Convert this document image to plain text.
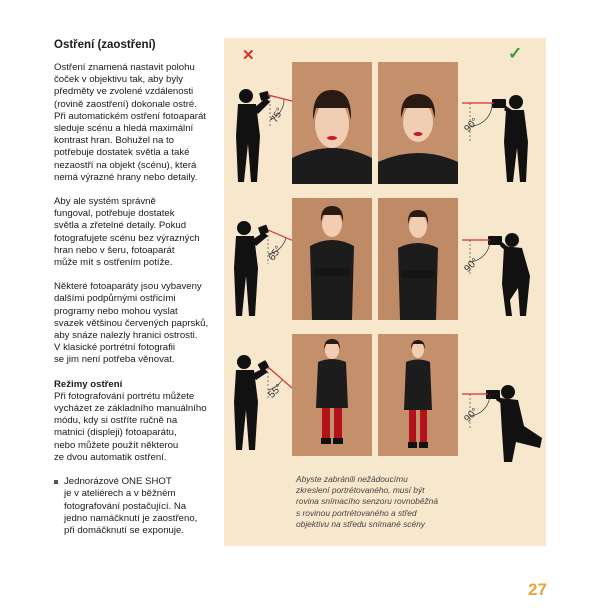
Ostření (zaostření)
Ostření znamená nastavit polohu
čoček v objektivu tak, aby byly
předměty ve zvolené vzdálenosti
(rovině zaostření) dokonale ostré.
Při automatickém ostření fotoaparát
sleduje scénu a hledá maximální
kontrast hran. Bohužel na to
potřebuje dostatek světla a také
nezaostří na objekt (scénu), která
nemá výrazné hrany nebo detaily.
Aby ale systém správně
fungoval, potřebuje dostatek
světla a zřetelné detaily. Pokud
fotografujete scénu bez výrazných
hran nebo v šeru, fotoaparát
může mít s ostřením potíže.
Některé fotoaparáty jsou vybaveny
dalšími podpůrnými ostřicími
programy nebo mohou vyslat
svazek většinou červených paprsků,
aby snáze nalezly hranici ostrosti.
V klasické portrétní fotografii
se jim není potřeba věnovat.
Režimy ostření
Při fotografování portrétu můžete
vycházet ze základního manuálního
módu, kdy si ostříte ručně na
matnici (displeji) fotoaparátu,
nebo můžete použít některou
ze dvou automatik ostření.
Jednorázové ONE SHOT
je v ateliérech a v běžném
fotografování postačující. Na
jedno namáčknutí je zaostřeno,
při domáčknutí se exponuje.
✕	✓
75°
90°
65°
90°
55°
90°
Abyste zabránili nežádoucímu
zkreslení portrétovaného, musí být
rovina snímacího senzoru rovnoběžná
s rovinou portrétovaného a střed
objektivu na středu snímané scény
27
